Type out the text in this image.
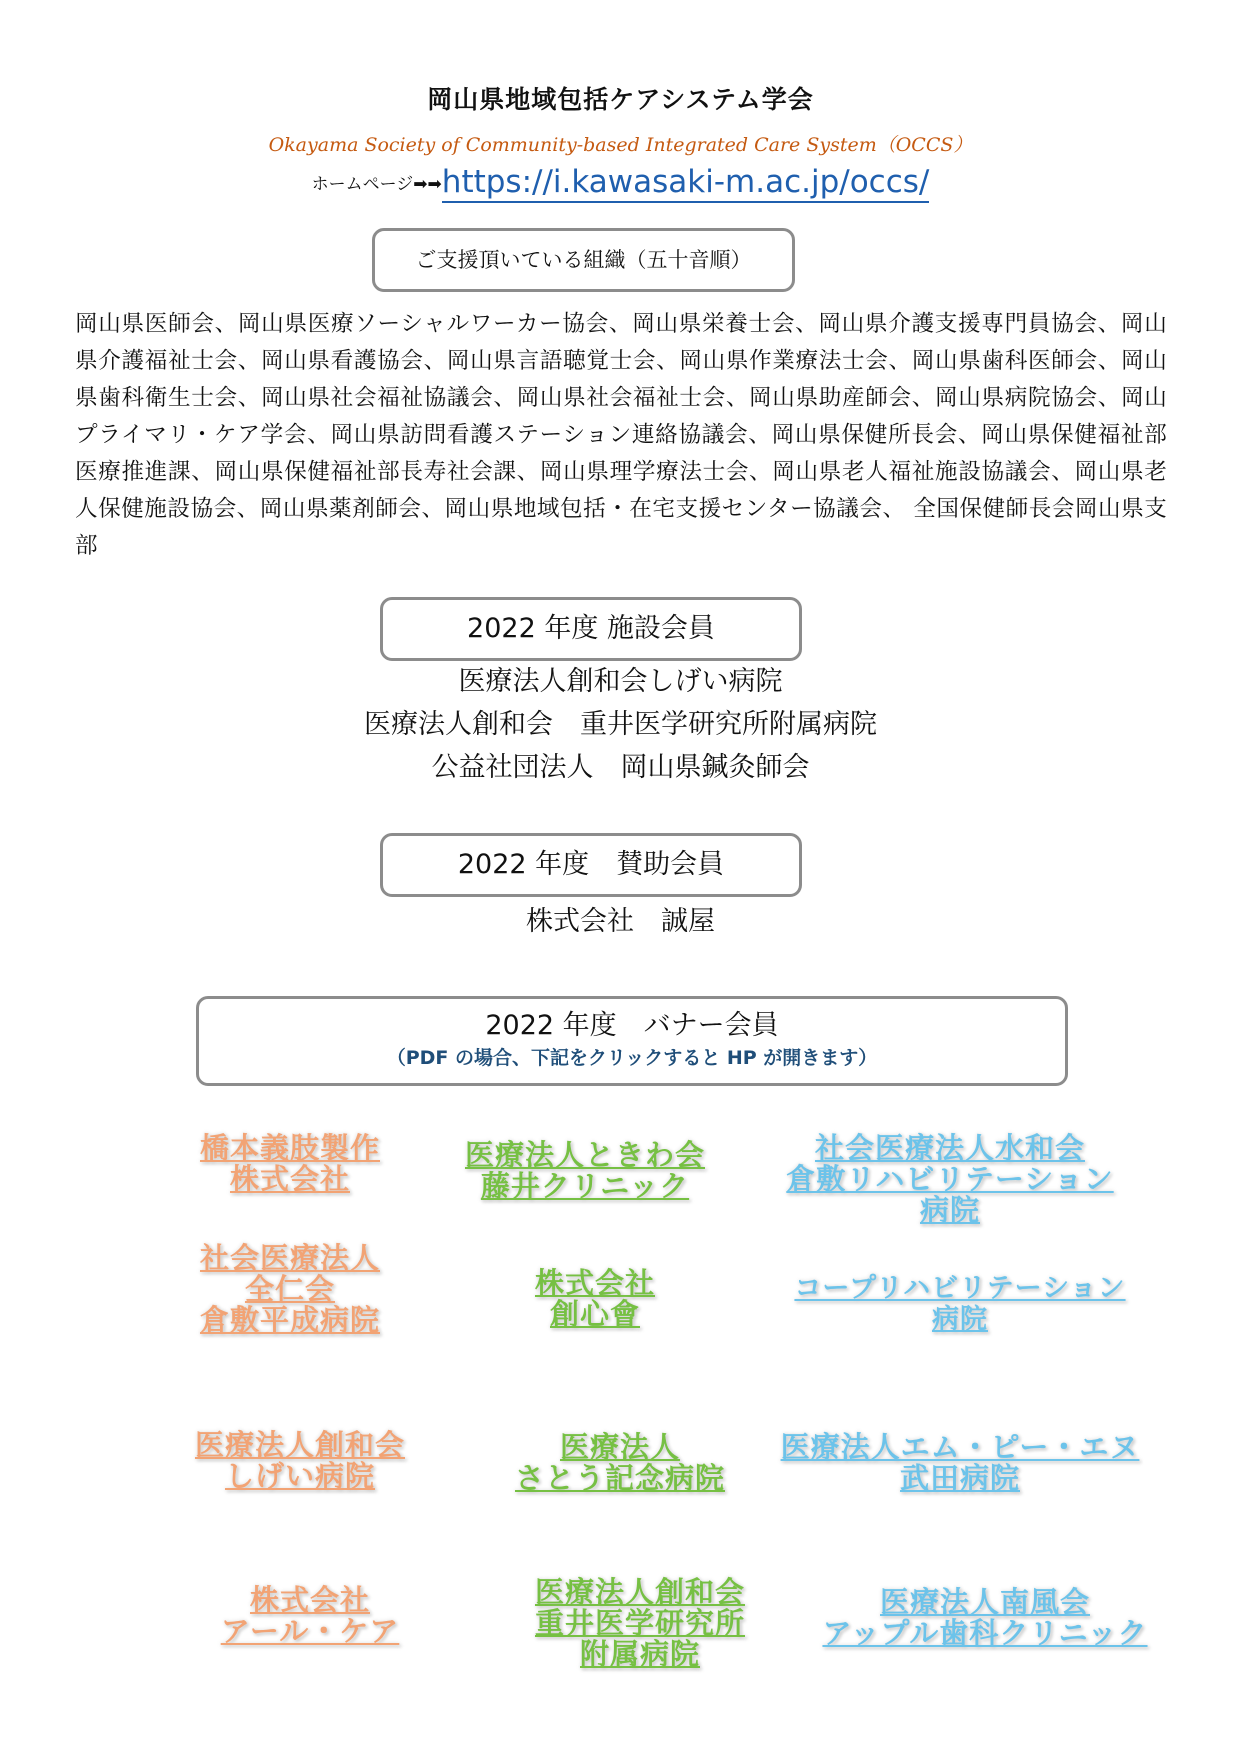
岡山県地域包括ケアシステム学会
Okayama Society of Community-based Integrated Care System（OCCS）
ホームページ➡➡https://i.kawasaki-m.ac.jp/occs/
ご支援頂いている組織（五十音順）
岡山県医師会、岡山県医療ソーシャルワーカー協会、岡山県栄養士会、岡山県介護支援専門員協会、岡山県介護福祉士会、岡山県看護協会、岡山県言語聴覚士会、岡山県作業療法士会、岡山県歯科医師会、岡山県歯科衛生士会、岡山県社会福祉協議会、岡山県社会福祉士会、岡山県助産師会、岡山県病院協会、岡山プライマリ・ケア学会、岡山県訪問看護ステーション連絡協議会、岡山県保健所長会、岡山県保健福祉部医療推進課、岡山県保健福祉部長寿社会課、岡山県理学療法士会、岡山県老人福祉施設協議会、岡山県老人保健施設協会、岡山県薬剤師会、岡山県地域包括・在宅支援センター協議会、 全国保健師長会岡山県支部
2022 年度 施設会員
医療法人創和会しげい病院
医療法人創和会　重井医学研究所附属病院
公益社団法人　岡山県鍼灸師会
2022 年度　賛助会員
株式会社　誠屋
2022 年度　バナー会員
（PDF の場合、下記をクリックすると HP が開きます）
橋本義肢製作
株式会社
医療法人ときわ会
藤井クリニック
社会医療法人水和会
倉敷リハビリテーション
病院
社会医療法人
全仁会
倉敷平成病院
株式会社
創心會
コープリハビリテーション
病院
医療法人創和会
しげい病院
医療法人
さとう記念病院
医療法人エム・ピー・エヌ
武田病院
株式会社
アール・ケア
医療法人創和会
重井医学研究所
附属病院
医療法人南風会
アップル歯科クリニック
